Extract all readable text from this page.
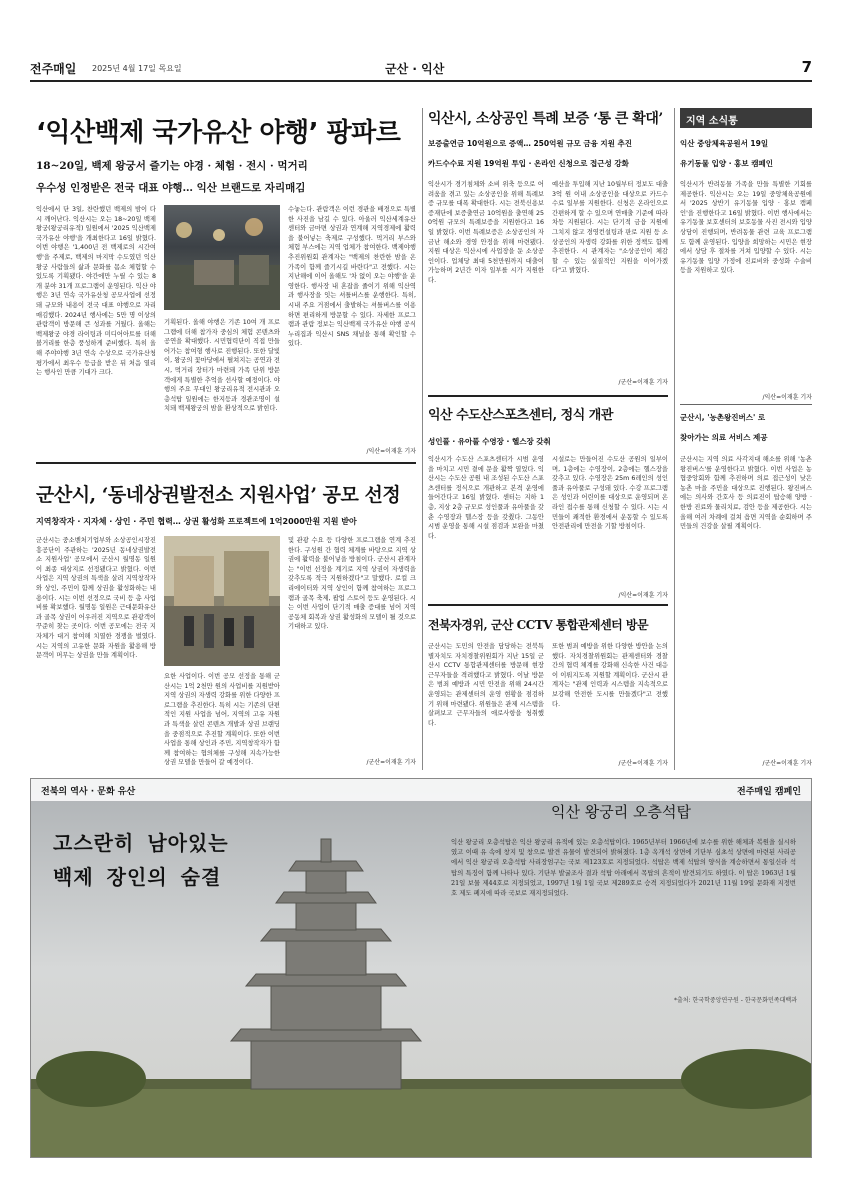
전주매일 2025년 4월 17일 목요일	군산 · 익산	7
‘익산백제 국가유산 야행’ 팡파르
18~20일, 백제 왕궁서 즐기는 야경 · 체험 · 전시 · 먹거리
우수성 인정받은 전국 대표 야행… 익산 브랜드로 자리매김
익산에서 단 3일, 찬란했던 백제의 밤이 다시 깨어난다. 익산시는 오는 18~20일 백제왕궁(왕궁리유적) 일원에서 '2025 익산백제 국가유산 야행'을 개최한다고 16일 밝혔다. 이번 야행은 '1,400년 전 백제로의 시간여행'을 주제로, 백제의 마지막 수도였던 익산 왕궁 사람들의 삶과 문화를 몸소 체험할 수 있도록 기획됐다. 야간에만 누릴 수 있는 8개 분야 31개 프로그램이 운영된다. 익산 야행은 3년 연속 국가유산청 공모사업에 선정돼 규모와 내용이 전국 대표 야행으로 자리매김했다. 2024년 행사에는 5만 명 이상의 관람객이 방문해 큰 성과를 거뒀다. 올해는 백제왕궁 야경 라이팅과 미디어아트를 더해 볼거리를 한층 풍성하게 준비했다. 특히 올해 주야야행 3년 연속 수상으로 국가유산청 평가에서 최우수 등급을 받은 뒤 처음 열리는 행사인 만큼 기대가 크다.
기획된다. 올해 야행은 기존 10여 개 프로그램에 더해 참가자 중심의 체험 콘텐츠와 공연을 확대했다. 시민협력단이 직접 만들어가는 참여형 행사로 진행된다. 또한 달빛이, 왕궁의 꽃마당에서 펼쳐지는 공연과 전시, 먹거리 장터가 마련돼 가족 단위 방문객에게 특별한 추억을 선사할 예정이다. 야행의 주요 무대인 왕궁리유적 전시관과 오층석탑 일원에는 한지등과 경관조명이 설치돼 백제왕궁의 밤을 환상적으로 밝힌다.
수놓는다. 관람객은 이런 경관을 배경으로 특별한 사진을 남길 수 있다. 아울러 익산세계유산센터와 금마면 상권과 연계해 지역경제에 활력을 불어넣는 축제로 구성했다. 먹거리 부스와 체험 부스에는 지역 업체가 참여한다. 백제야행 추진위원회 관계자는 "백제의 찬란한 밤을 온 가족이 함께 즐기시길 바란다"고 전했다. 시는 지난해에 이어 올해도 '차 없이 오는 야행'을 운영한다. 행사장 내 혼잡을 줄이기 위해 익산역과 행사장을 잇는 셔틀버스를 운행한다. 특히, 시내 주요 거점에서 출발하는 셔틀버스를 이용하면 편리하게 방문할 수 있다. 자세한 프로그램과 관람 정보는 익산백제 국가유산 야행 공식 누리집과 익산시 SNS 채널을 통해 확인할 수 있다.
/익산=이재훈 기자
군산시, ‘동네상권발전소 지원사업’ 공모 선정
지역창작자 · 지자체 · 상인 · 주민 협력… 상권 활성화 프로젝트에 1억2000만원 지원 받아
군산시는 중소벤처기업부와 소상공인시장진흥공단이 주관하는 '2025년 동네상권발전소 지원사업' 공모에서 군산시 월명동 일원이 최종 대상지로 선정됐다고 밝혔다. 이번 사업은 지역 상권의 특색을 살려 지역창작자와 상인, 주민이 함께 상권을 활성화하는 내용이다. 시는 이번 선정으로 국비 등 총 사업비를 확보했다. 월명동 일원은 근대문화유산과 골목 상권이 어우러진 지역으로 관광객이 꾸준히 찾는 곳이다. 이번 공모에는 전국 지자체가 대거 참여해 치열한 경쟁을 벌였다. 시는 지역의 고유한 문화 자원을 활용해 방문객이 머무는 상권을 만들 계획이다.
요한 사업이다. 이번 공모 선정을 통해 군산시는 1억 2천만 원의 사업비를 지원받아 지역 상권의 자생력 강화를 위한 다양한 프로그램을 추진한다. 특히 시는 기존의 단편적인 지원 사업을 넘어, 지역의 고유 자원과 특색을 살린 콘텐츠 개발과 상권 브랜딩을 중점적으로 추진할 계획이다. 또한 이번 사업을 통해 상인과 주민, 지역창작자가 함께 참여하는 협의체를 구성해 지속가능한 상권 모델을 만들어 갈 예정이다.
및 관광 수요 등 다양한 프로그램을 연계 추진한다. 구성원 간 협력 체계를 바탕으로 지역 상권에 활력을 불어넣을 방침이다. 군산시 관계자는 "이번 선정을 계기로 지역 상권이 자생력을 갖추도록 적극 지원하겠다"고 말했다. 로컬 크리에이터와 지역 상인이 함께 참여하는 프로그램과 골목 축제, 팝업 스토어 등도 운영된다. 시는 이번 사업이 단기적 매출 증대를 넘어 지역 공동체 회복과 상권 활성화의 모델이 될 것으로 기대하고 있다.
/군산=이재훈 기자
익산시, 소상공인 특례 보증 ‘통 큰 확대’
보증출연금 10억원으로 증액… 250억원 규모 금융 지원 추진
카드수수료 지원 19억원 투입 · 온라인 신청으로 접근성 강화
익산시가 경기침체와 소비 위축 등으로 어려움을 겪고 있는 소상공인을 위해 특례보증 규모를 대폭 확대한다. 시는 전북신용보증재단에 보증출연금 10억원을 출연해 250억원 규모의 특례보증을 지원한다고 16일 밝혔다. 이번 특례보증은 소상공인의 자금난 해소와 경영 안정을 위해 마련됐다. 지원 대상은 익산시에 사업장을 둔 소상공인이다. 업체당 최대 5천만원까지 대출이 가능하며 2년간 이자 일부를 시가 지원한다.
예산을 투입해 지난 10월부터 정보도 대출 3억 원 이내 소상공인을 대상으로 카드수수료 일부를 지원한다. 신청은 온라인으로 간편하게 할 수 있으며 연매출 기준에 따라 차등 지원된다. 시는 단기적 금융 지원에 그치지 않고 경영컨설팅과 판로 지원 등 소상공인의 자생력 강화를 위한 정책도 함께 추진한다. 시 관계자는 "소상공인이 체감할 수 있는 실질적인 지원을 이어가겠다"고 밝혔다.
/군산=이재훈 기자
익산 수도산스포츠센터, 정식 개관
성인풀 · 유아풀 수영장 · 헬스장 갖춰
익산시가 수도산 스포츠센터가 시범 운영을 마치고 시민 곁에 문을 활짝 열었다. 익산시는 수도산 공원 내 조성된 수도산 스포츠센터를 정식으로 개관하고 본격 운영에 들어간다고 16일 밝혔다. 센터는 지하 1층, 지상 2층 규모로 성인풀과 유아풀을 갖춘 수영장과 헬스장 등을 갖췄다. 그동안 시범 운영을 통해 시설 점검과 보완을 마쳤다.
시설로는 만들어진 수도산 공원의 일부이며, 1층에는 수영장이, 2층에는 헬스장을 갖추고 있다. 수영장은 25m 6레인의 성인풀과 유아풀로 구성돼 있다. 수강 프로그램은 성인과 어린이를 대상으로 운영되며 온라인 접수를 통해 신청할 수 있다. 시는 시민들이 쾌적한 환경에서 운동할 수 있도록 안전관리에 만전을 기할 방침이다.
/익산=이재훈 기자
전북자경위, 군산 CCTV 통합관제센터 방문
군산시는 도민의 안전을 담당하는 전북특별자치도 자치경찰위원회가 지난 15일 군산시 CCTV 통합관제센터를 방문해 현장 근무자들을 격려했다고 밝혔다. 이날 방문은 범죄 예방과 시민 안전을 위해 24시간 운영되는 관제센터의 운영 현황을 점검하기 위해 마련됐다. 위원들은 관제 시스템을 살펴보고 근무자들의 애로사항을 청취했다.
또한 범죄 예방을 위한 다양한 방안을 논의했다. 자치경찰위원회는 관제센터와 경찰 간의 협력 체계를 강화해 신속한 사건 대응이 이뤄지도록 지원할 계획이다. 군산시 관계자는 "관제 인력과 시스템을 지속적으로 보강해 안전한 도시를 만들겠다"고 전했다.
/군산=이재훈 기자
지역 소식통
익산 중앙체육공원서 19일
유기동물 입양 · 홍보 캠페인
익산시가 반려동물 가족을 만들 특별한 기회를 제공한다. 익산시는 오는 19일 중앙체육공원에서 '2025 상반기 유기동물 입양 · 홍보 캠페인'을 진행한다고 16일 밝혔다. 이번 행사에서는 유기동물 보호센터의 보호동물 사진 전시와 입양 상담이 진행되며, 반려동물 관련 교육 프로그램도 함께 운영된다. 입양을 희망하는 시민은 현장에서 상담 후 절차를 거쳐 입양할 수 있다. 시는 유기동물 입양 가정에 진료비와 중성화 수술비 등을 지원하고 있다.
/익산=이재훈 기자
군산시, '농촌왕진버스' 로
찾아가는 의료 서비스 제공
군산시는 지역 의료 사각지대 해소를 위해 '농촌왕진버스'를 운영한다고 밝혔다. 이번 사업은 농협중앙회와 함께 추진하며 의료 접근성이 낮은 농촌 마을 주민을 대상으로 진행된다. 왕진버스에는 의사와 간호사 등 의료진이 탑승해 양방 · 한방 진료와 물리치료, 검안 등을 제공한다. 시는 올해 여러 차례에 걸쳐 읍면 지역을 순회하며 주민들의 건강을 살필 계획이다.
/군산=이재훈 기자
전북의 역사 · 문화 유산	전주매일 캠페인
고스란히 남아있는
백제 장인의 숨결
익산 왕궁리 오층석탑
익산 왕궁리 오층석탑은 익산 왕궁리 유적에 있는 오층석탑이다. 1965년부터 1966년에 보수를 위한 해체과 복원을 실시하였고 이때 유 속에 창지 및 창으로 발견 유물이 발견되어 밝혀졌다. 1층 옥개석 상면에 기단부 심초석 상면에 마련된 사리공에서 익산 왕궁리 오층석탑 사리장엄구는 국보 제123호로 지정되었다. 석탑은 백제 석탑의 양식을 계승하면서 통일신라 석탑의 특징이 함께 나타나 있다. 기단부 발굴조사 결과 석탑 아래에서 목탑의 흔적이 발견되기도 하였다. 이 탑은 1963년 1월 21일 보물 제44호로 지정되었고, 1997년 1월 1일 국보 제289호로 승격 지정되었다가 2021년 11월 19일 문화재 지정번호 제도 폐지에 따라 국보로 재지정되었다.
*출처: 한국학중앙연구원 - 한국문화민족대백과
